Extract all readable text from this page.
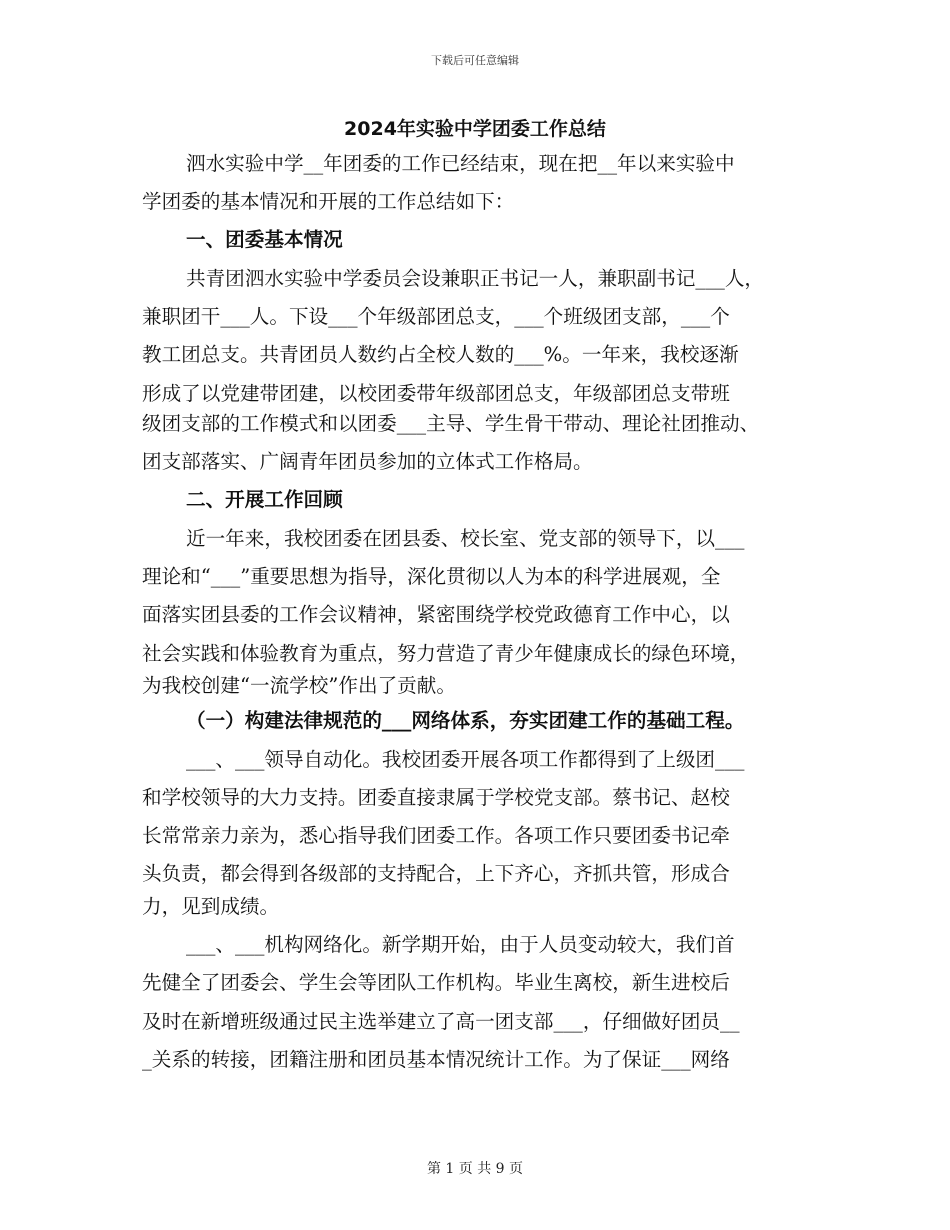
下载后可任意编辑
2024年实验中学团委工作总结
泗水实验中学__年团委的工作已经结束，现在把__年以来实验中
学团委的基本情况和开展的工作总结如下：
一、团委基本情况
共青团泗水实验中学委员会设兼职正书记一人，兼职副书记___人，
兼职团干___人。下设___个年级部团总支，___个班级团支部，___个
教工团总支。共青团员人数约占全校人数的___%。一年来，我校逐渐
形成了以党建带团建，以校团委带年级部团总支，年级部团总支带班
级团支部的工作模式和以团委___主导、学生骨干带动、理论社团推动、
团支部落实、广阔青年团员参加的立体式工作格局。
二、开展工作回顾
近一年来，我校团委在团县委、校长室、党支部的领导下，以___
理论和“___”重要思想为指导，深化贯彻以人为本的科学进展观，全
面落实团县委的工作会议精神，紧密围绕学校党政德育工作中心，以
社会实践和体验教育为重点，努力营造了青少年健康成长的绿色环境，
为我校创建“一流学校”作出了贡献。
（一）构建法律规范的___网络体系，夯实团建工作的基础工程。
___、___领导自动化。我校团委开展各项工作都得到了上级团___
和学校领导的大力支持。团委直接隶属于学校党支部。蔡书记、赵校
长常常亲力亲为，悉心指导我们团委工作。各项工作只要团委书记牵
头负责，都会得到各级部的支持配合，上下齐心，齐抓共管，形成合
力，见到成绩。
___、___机构网络化。新学期开始，由于人员变动较大，我们首
先健全了团委会、学生会等团队工作机构。毕业生离校，新生进校后
及时在新增班级通过民主选举建立了高一团支部___，仔细做好团员__
_关系的转接，团籍注册和团员基本情况统计工作。为了保证___网络
第 1 页 共 9 页
